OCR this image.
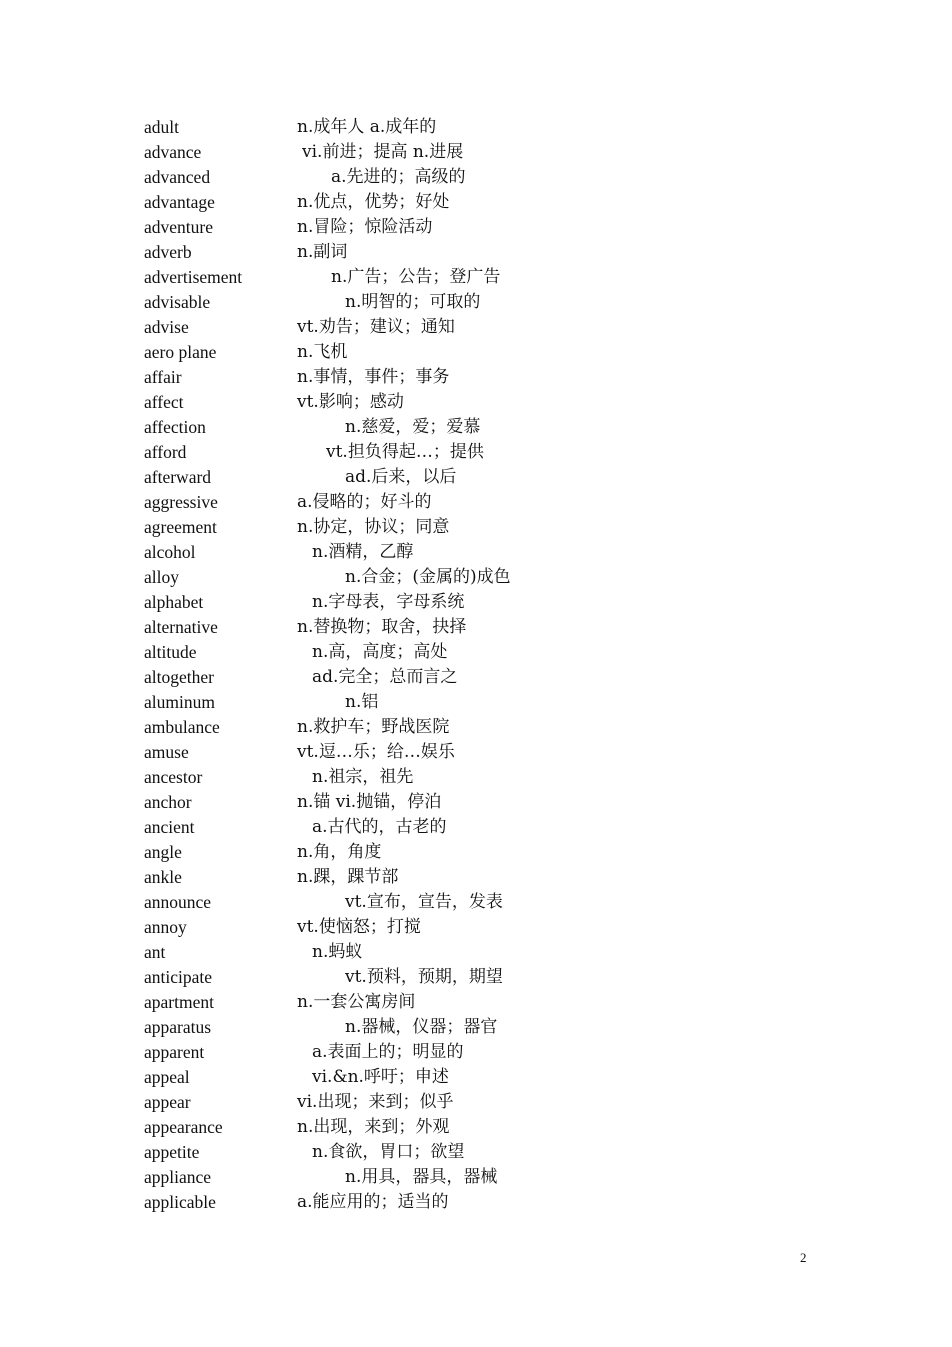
adult	n.成年人 a.成年的
advance	vi.前进；提高 n.进展
advanced	a.先进的；高级的
advantage	n.优点，优势；好处
adventure	n.冒险；惊险活动
adverb	n.副词
advertisement	n.广告；公告；登广告
advisable	n.明智的；可取的
advise	vt.劝告；建议；通知
aero plane	n.飞机
affair	n.事情，事件；事务
affect	vt.影响；感动
affection	n.慈爱，爱；爱慕
afford	vt.担负得起…；提供
afterward	ad.后来，以后
aggressive	a.侵略的；好斗的
agreement	n.协定，协议；同意
alcohol	n.酒精，乙醇
alloy	n.合金；(金属的)成色
alphabet	n.字母表，字母系统
alternative	n.替换物；取舍，抉择
altitude	n.高，高度；高处
altogether	ad.完全；总而言之
aluminum	n.铝
ambulance	n.救护车；野战医院
amuse	vt.逗…乐；给…娱乐
ancestor	n.祖宗，祖先
anchor	n.锚 vi.抛锚，停泊
ancient	a.古代的，古老的
angle	n.角，角度
ankle	n.踝，踝节部
announce	vt.宣布，宣告，发表
annoy	vt.使恼怒；打搅
ant	n.蚂蚁
anticipate	vt.预料，预期，期望
apartment	n.一套公寓房间
apparatus	n.器械，仪器；器官
apparent	a.表面上的；明显的
appeal	vi.&n.呼吁；申述
appear	vi.出现；来到；似乎
appearance	n.出现，来到；外观
appetite	n.食欲，胃口；欲望
appliance	n.用具，器具，器械
applicable	a.能应用的；适当的
2
